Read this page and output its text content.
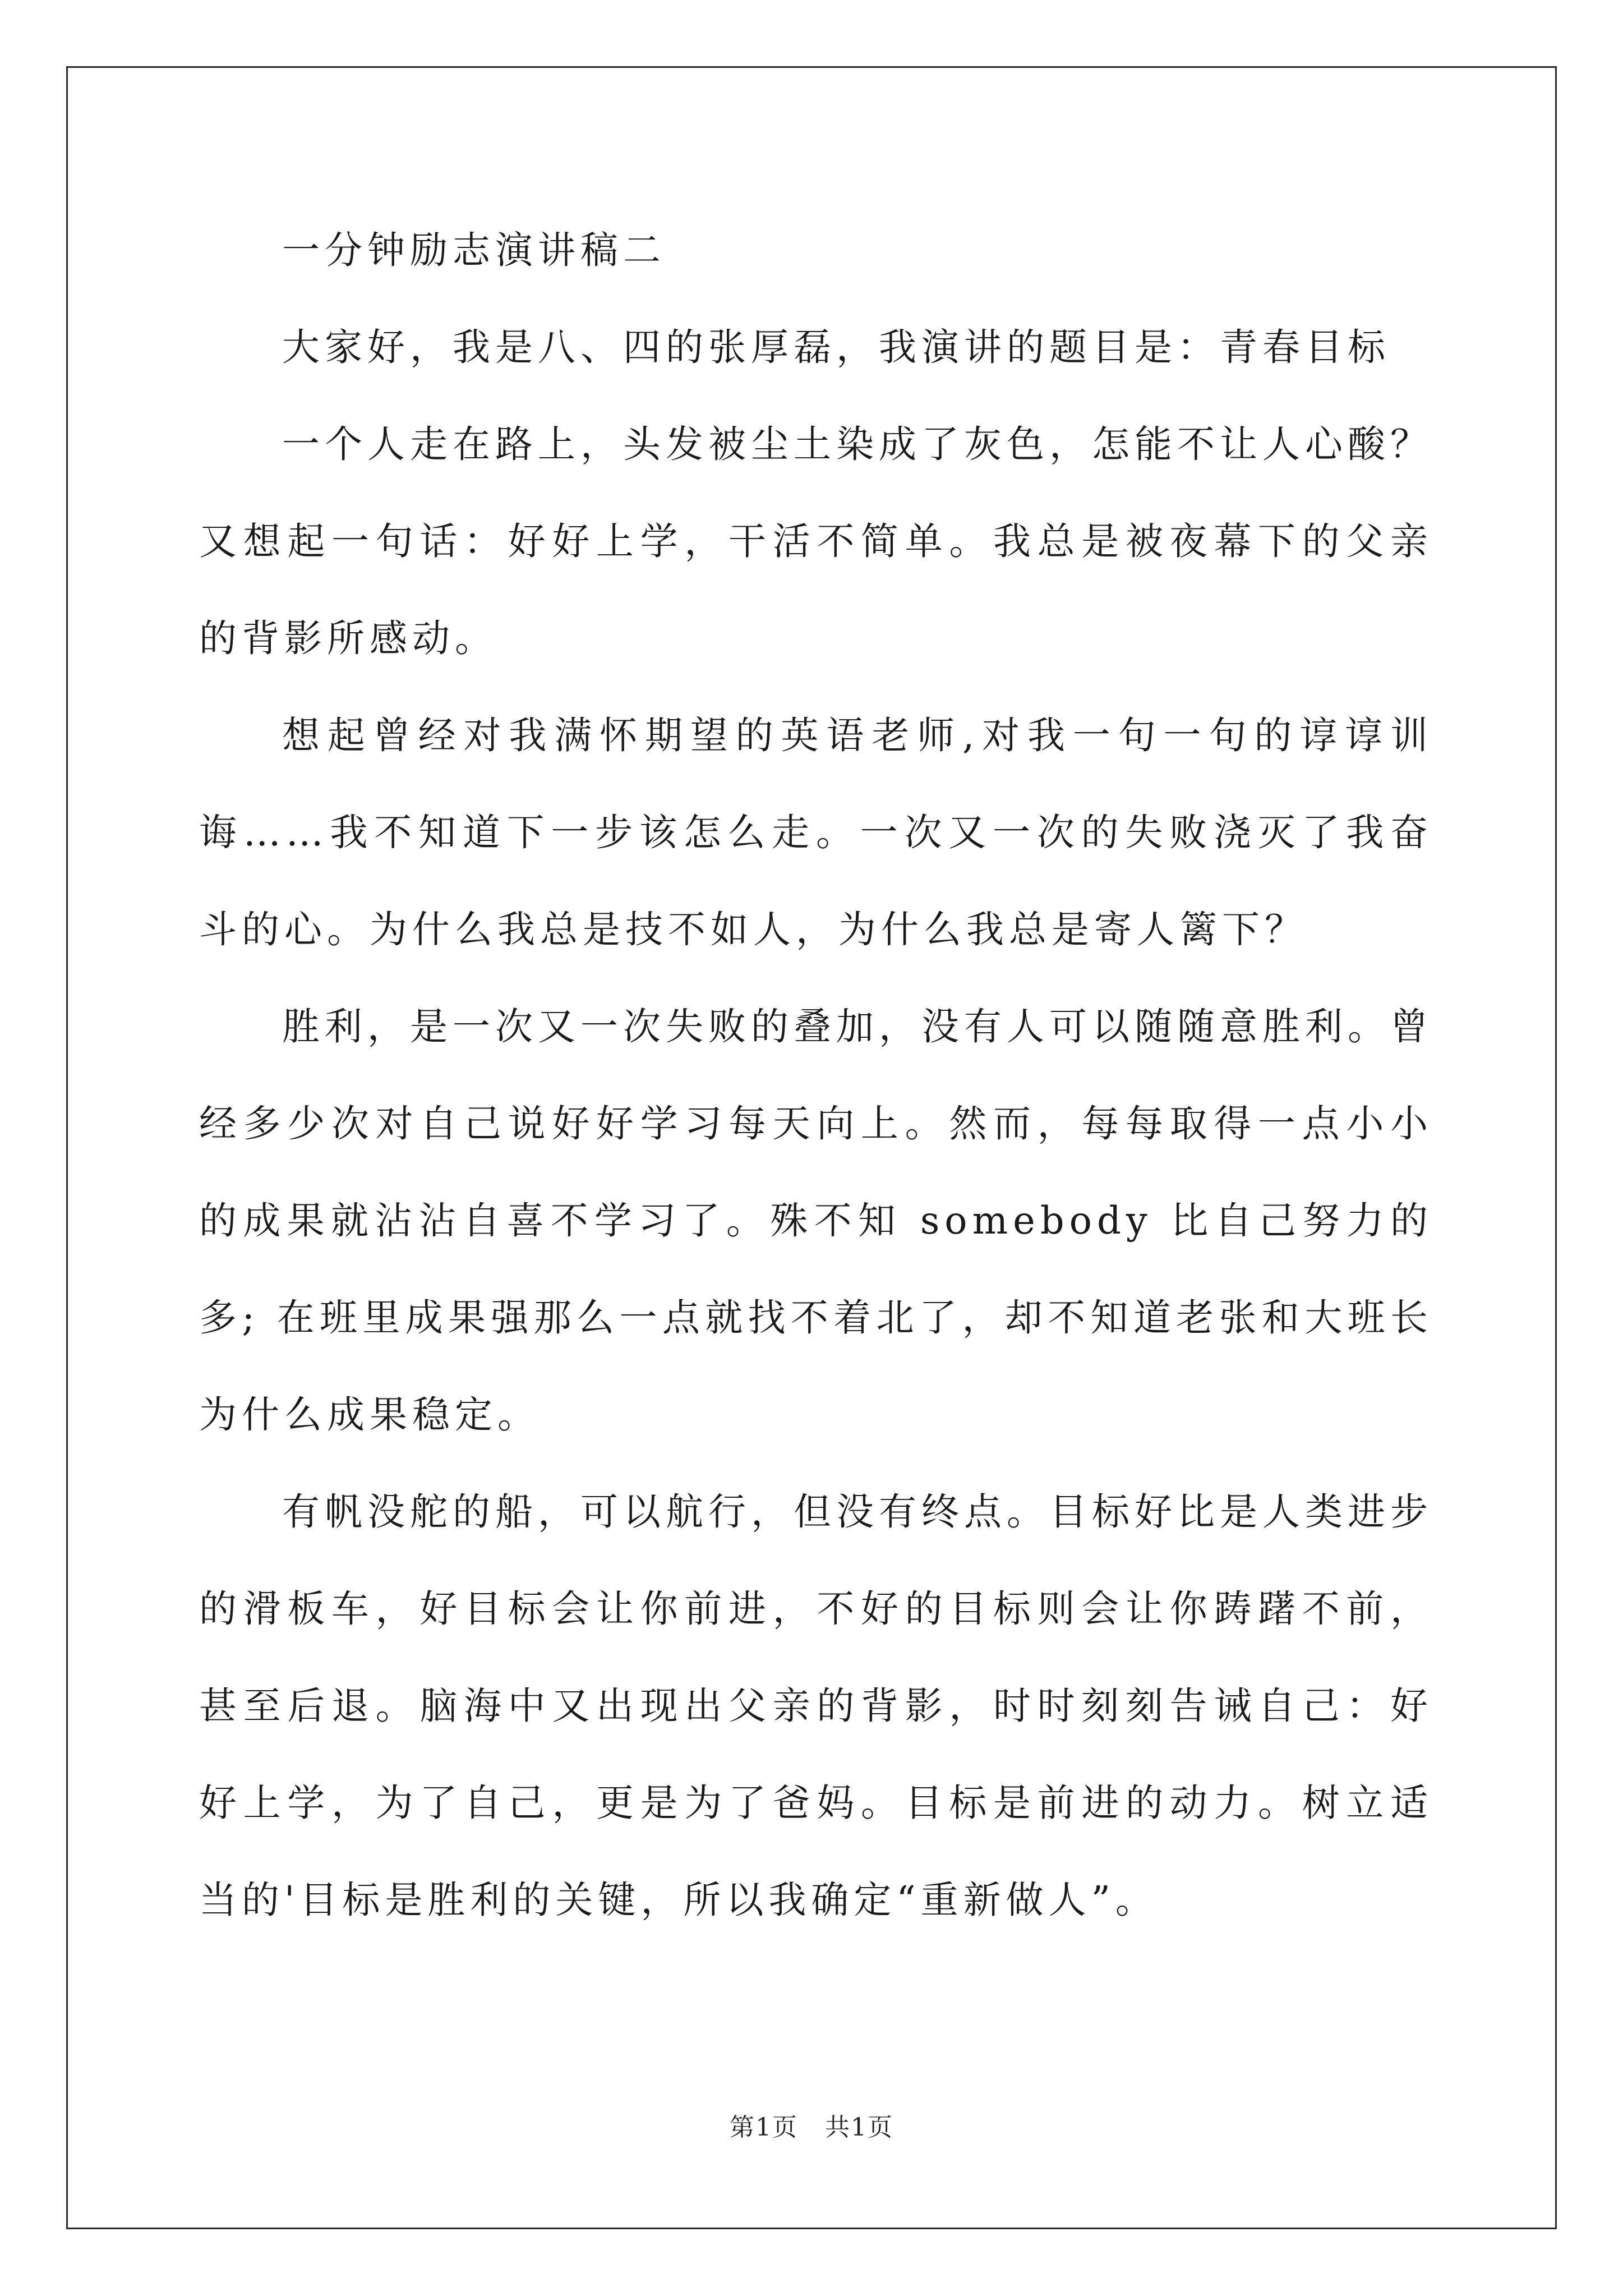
一分钟励志演讲稿二

大家好，我是八、四的张厚磊，我演讲的题目是：青春目标

一个人走在路上，头发被尘土染成了灰色，怎能不让人心酸？又想起一句话：好好上学，干活不简单。我总是被夜幕下的父亲的背影所感动。

想起曾经对我满怀期望的英语老师,对我一句一句的谆谆训诲……我不知道下一步该怎么走。一次又一次的失败浇灭了我奋斗的心。为什么我总是技不如人，为什么我总是寄人篱下？

胜利，是一次又一次失败的叠加，没有人可以随随意胜利。曾经多少次对自己说好好学习每天向上。然而，每每取得一点小小的成果就沾沾自喜不学习了。殊不知 somebody 比自己努力的多; 在班里成果强那么一点就找不着北了，却不知道老张和大班长为什么成果稳定。

有帆没舵的船，可以航行，但没有终点。目标好比是人类进步的滑板车，好目标会让你前进，不好的目标则会让你踌躇不前，甚至后退。脑海中又出现出父亲的背影，时时刻刻告诫自己：好好上学，为了自己，更是为了爸妈。目标是前进的动力。树立适当的'目标是胜利的关键，所以我确定“重新做人”。

第1页 共1页
